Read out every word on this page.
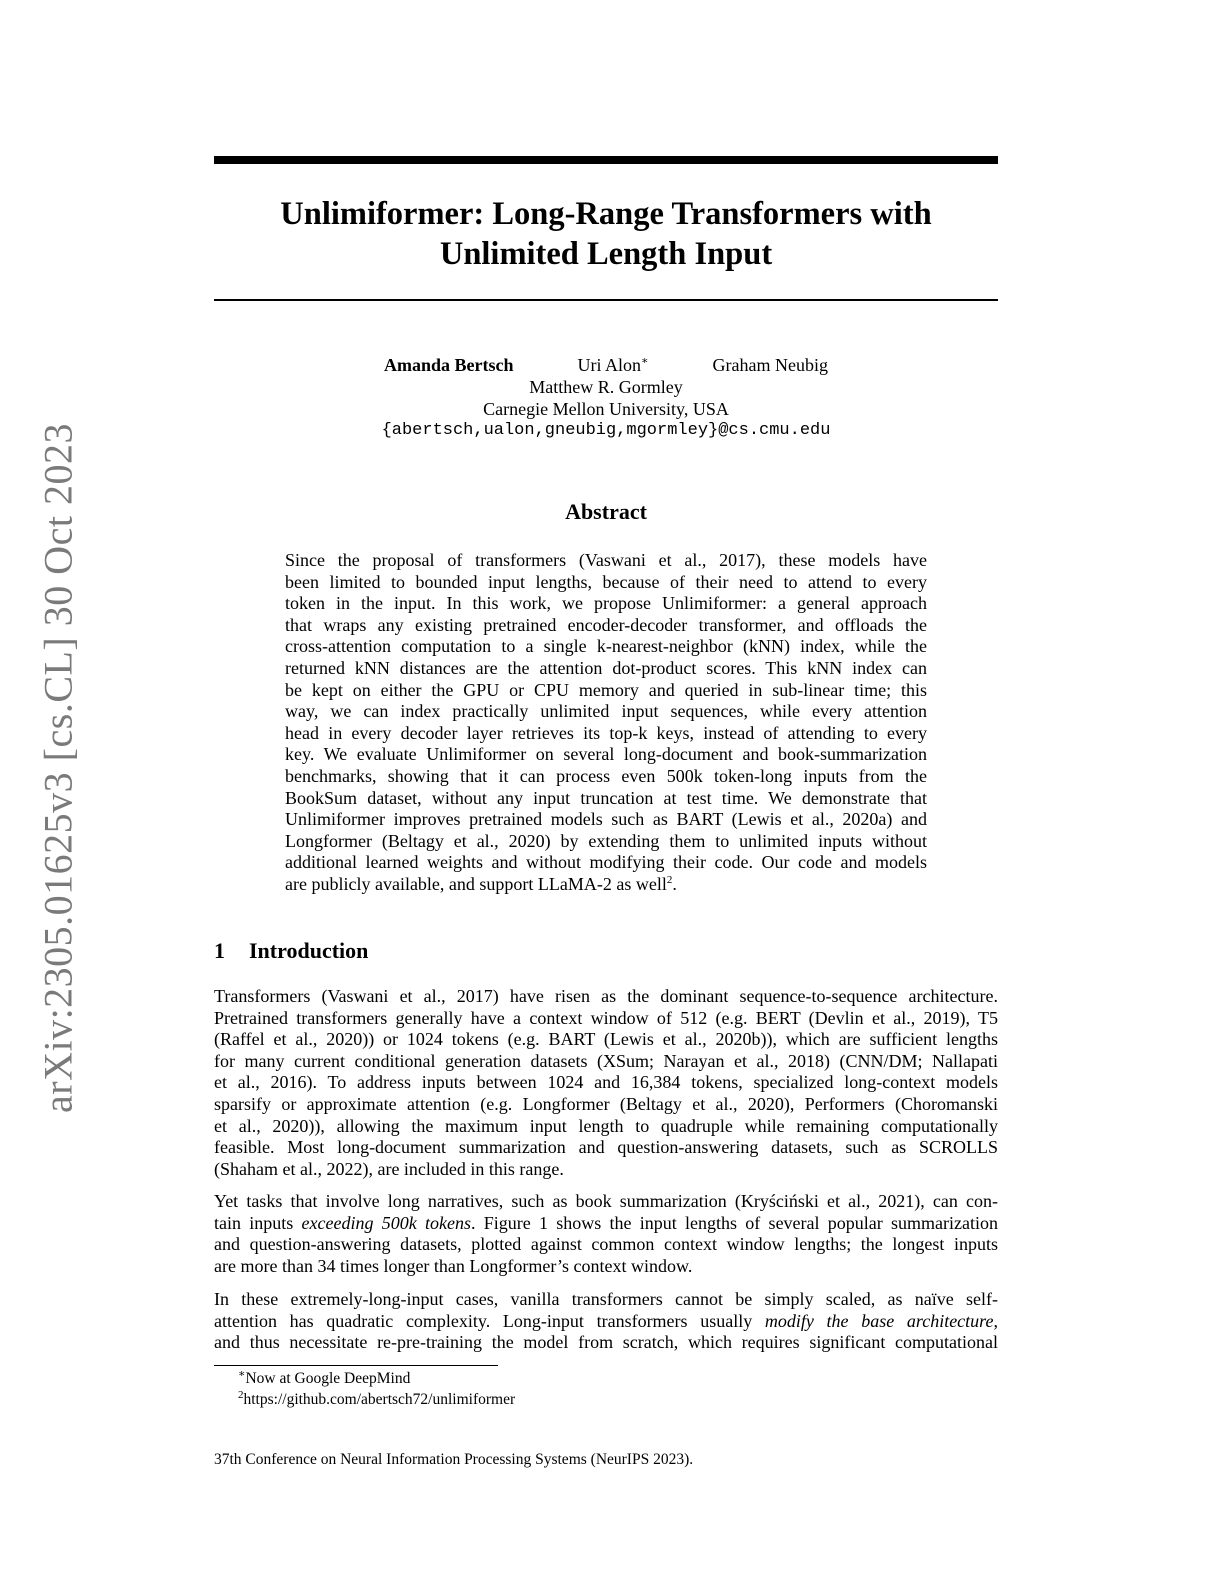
arXiv:2305.01625v3 [cs.CL] 30 Oct 2023
Unlimiformer: Long-Range Transformers with
Unlimited Length Input
Amanda Bertsch	Uri Alon∗	Graham Neubig
Matthew R. Gormley
Carnegie Mellon University, USA
{abertsch,ualon,gneubig,mgormley}@cs.cmu.edu
Abstract
Since the proposal of transformers (Vaswani et al., 2017), these models have
been limited to bounded input lengths, because of their need to attend to every
token in the input. In this work, we propose Unlimiformer: a general approach
that wraps any existing pretrained encoder-decoder transformer, and offloads the
cross-attention computation to a single k-nearest-neighbor (kNN) index, while the
returned kNN distances are the attention dot-product scores. This kNN index can
be kept on either the GPU or CPU memory and queried in sub-linear time; this
way, we can index practically unlimited input sequences, while every attention
head in every decoder layer retrieves its top-k keys, instead of attending to every
key. We evaluate Unlimiformer on several long-document and book-summarization
benchmarks, showing that it can process even 500k token-long inputs from the
BookSum dataset, without any input truncation at test time. We demonstrate that
Unlimiformer improves pretrained models such as BART (Lewis et al., 2020a) and
Longformer (Beltagy et al., 2020) by extending them to unlimited inputs without
additional learned weights and without modifying their code. Our code and models
are publicly available, and support LLaMA-2 as well$^2$.
1 Introduction
Transformers (Vaswani et al., 2017) have risen as the dominant sequence-to-sequence architecture.
Pretrained transformers generally have a context window of 512 (e.g. BERT (Devlin et al., 2019), T5
(Raffel et al., 2020)) or 1024 tokens (e.g. BART (Lewis et al., 2020b)), which are sufficient lengths
for many current conditional generation datasets (XSum; Narayan et al., 2018) (CNN/DM; Nallapati
et al., 2016). To address inputs between 1024 and 16,384 tokens, specialized long-context models
sparsify or approximate attention (e.g. Longformer (Beltagy et al., 2020), Performers (Choromanski
et al., 2020)), allowing the maximum input length to quadruple while remaining computationally
feasible. Most long-document summarization and question-answering datasets, such as SCROLLS
(Shaham et al., 2022), are included in this range.
Yet tasks that involve long narratives, such as book summarization (Kryściński et al., 2021), can con-
tain inputs exceeding 500k tokens. Figure 1 shows the input lengths of several popular summarization
and question-answering datasets, plotted against common context window lengths; the longest inputs
are more than 34 times longer than Longformer’s context window.
In these extremely-long-input cases, vanilla transformers cannot be simply scaled, as naïve self-
attention has quadratic complexity. Long-input transformers usually modify the base architecture,
and thus necessitate re-pre-training the model from scratch, which requires significant computational
∗Now at Google DeepMind
$^2$https://github.com/abertsch72/unlimiformer
37th Conference on Neural Information Processing Systems (NeurIPS 2023).
